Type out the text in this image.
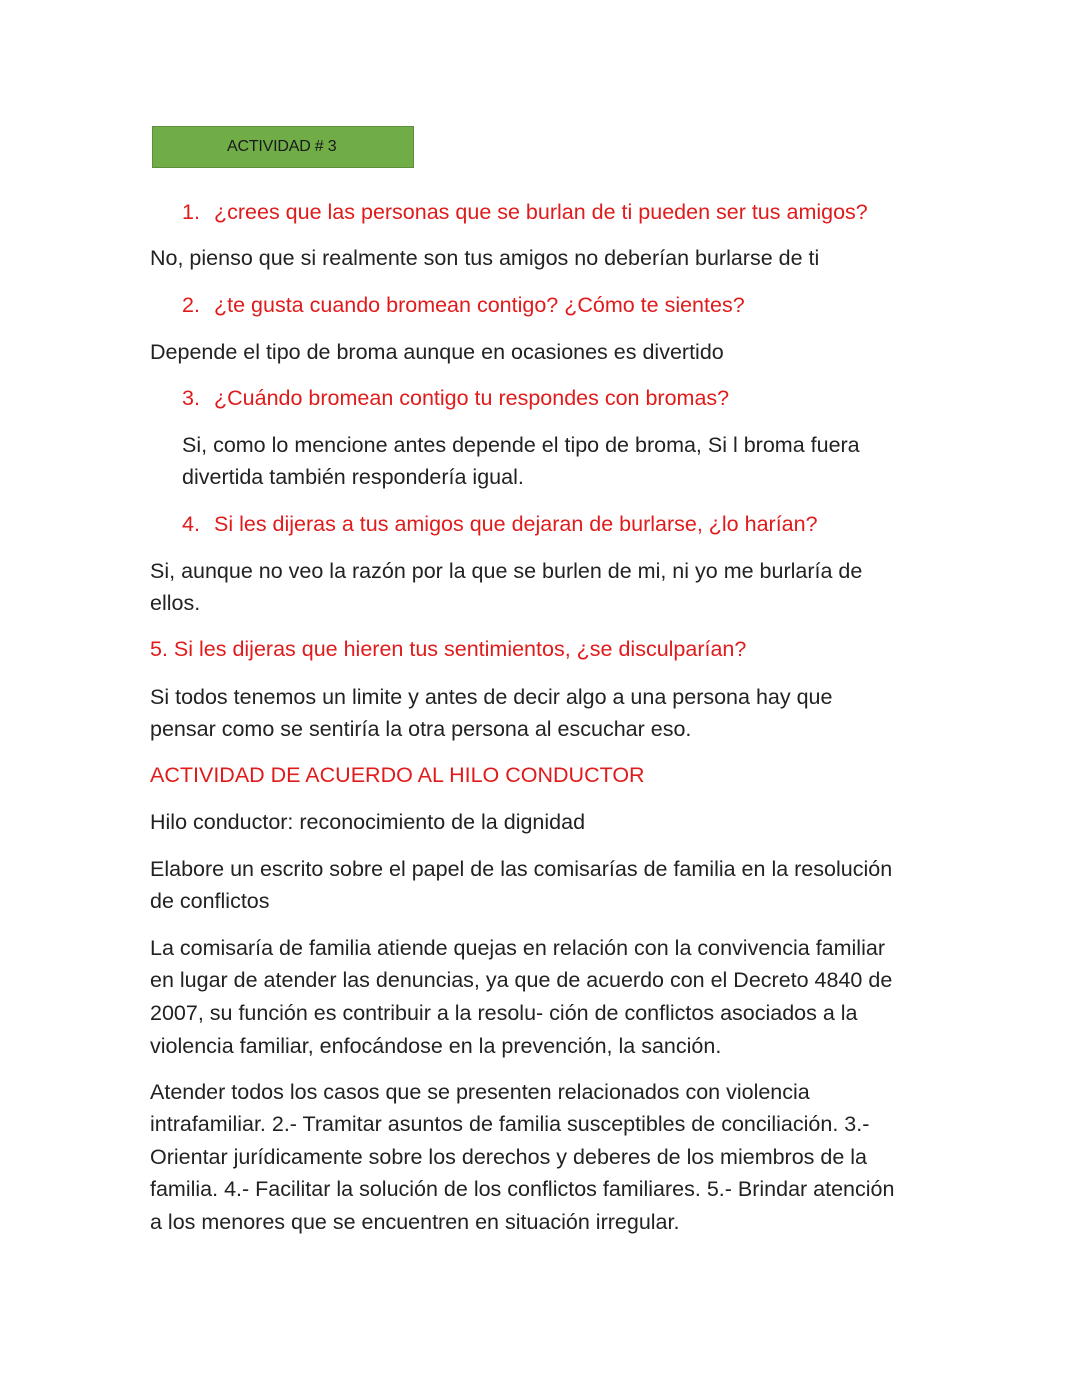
ACTIVIDAD # 3
1. ¿crees que las personas que se burlan de ti pueden ser tus amigos?
No, pienso que si realmente son tus amigos no deberían burlarse de ti
2. ¿te gusta cuando bromean contigo? ¿Cómo te sientes?
Depende el tipo de broma aunque en ocasiones es divertido
3. ¿Cuándo bromean contigo tu respondes con bromas?
Si, como lo mencione antes depende el tipo de broma, Si l broma fuera
divertida también respondería igual.
4. Si les dijeras a tus amigos que dejaran de burlarse, ¿lo harían?
Si, aunque no veo la razón por la que se burlen de mi, ni yo me burlaría de
ellos.
5. Si les dijeras que hieren tus sentimientos, ¿se disculparían?
Si todos tenemos un limite y antes de decir algo a una persona hay que
pensar como se sentiría la otra persona al escuchar eso.
ACTIVIDAD DE ACUERDO AL HILO CONDUCTOR
Hilo conductor: reconocimiento de la dignidad
Elabore un escrito sobre el papel de las comisarías de familia en la resolución
de conflictos
La comisaría de familia atiende quejas en relación con la convivencia familiar
en lugar de atender las denuncias, ya que de acuerdo con el Decreto 4840 de
2007, su función es contribuir a la resolu- ción de conflictos asociados a la
violencia familiar, enfocándose en la prevención, la sanción.
Atender todos los casos que se presenten relacionados con violencia
intrafamiliar. 2.- Tramitar asuntos de familia susceptibles de conciliación. 3.-
Orientar jurídicamente sobre los derechos y deberes de los miembros de la
familia. 4.- Facilitar la solución de los conflictos familiares. 5.- Brindar atención
a los menores que se encuentren en situación irregular.
